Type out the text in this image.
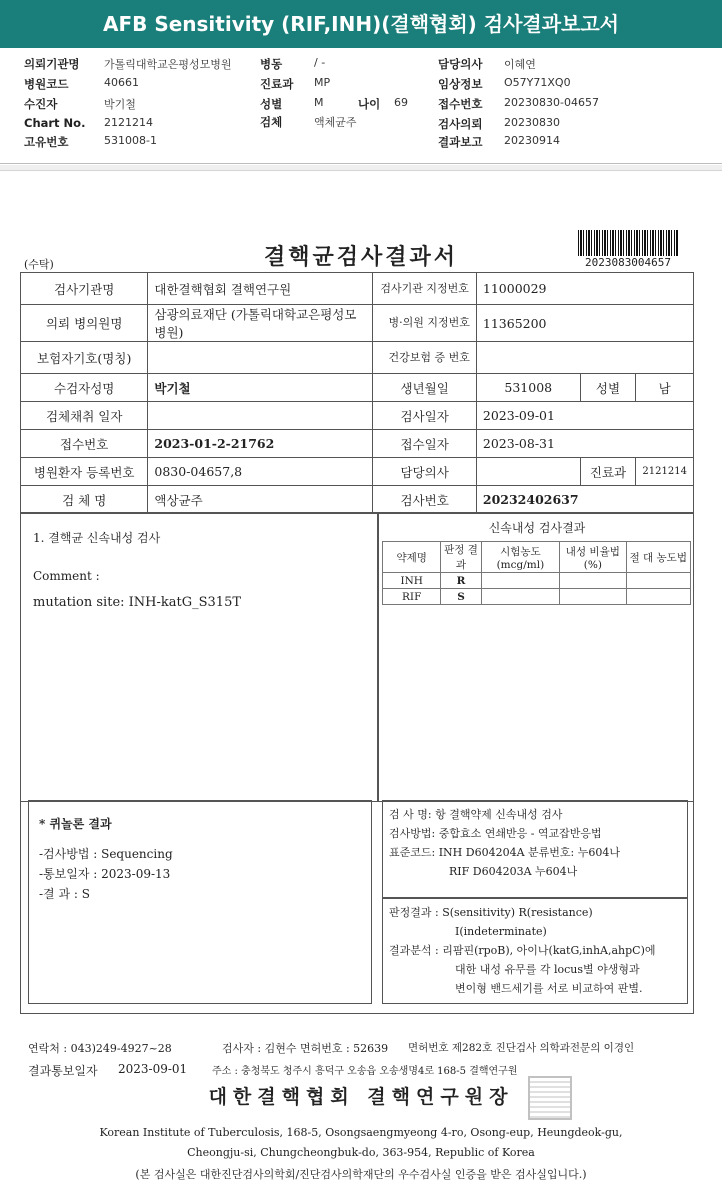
AFB Sensitivity (RIF,INH)(결핵협회) 검사결과보고서
의뢰기관명 가톨릭대학교은평성모병원 병동	/ -	담당의사 이혜연
병원코드	40661	진료과 MP	임상정보 O57Y71XQ0
수진자	박기철	성별	M	나이 69	접수번호 20230830-04657
Chart No. 2121214	검체	액체균주	검사의뢰 20230830
고유번호	531008-1	결과보고 20230914
(수탁)	결핵균검사결과서	2023083004657
검사기관명	대한결핵협회 결핵연구원	검사기관 지정번호	11000029		
의뢰 병의원명	삼광의료재단 (가톨릭대학교은평성모병원)	병·의원 지정번호	11365200		
보험자기호(명칭)		건강보험 증 번호			
수검자성명	박기철	생년월일	531008	성별	남
검체채취 일자		검사일자	2023-09-01		
접수번호	2023-01-2-21762	접수일자	2023-08-31		
병원환자 등록번호	0830-04657,8	담당의사		진료과	2121214
검 체 명	액상균주	검사번호	20232402637		
1. 결핵균 신속내성 검사
Comment :
mutation site: INH-katG_S315T
신속내성 검사결과
약제명	판정 결과	시험농도 (mcg/ml)	내성 비율법(%)	절 대 농도법
INH	R			
RIF	S			
* 퀴놀론 결과
-검사방법 : Sequencing
-통보일자 : 2023-09-13
-결 과 : S
검 사 명: 항 결핵약제 신속내성 검사
검사방법: 중합효소 연쇄반응 - 역교잡반응법
표준코드: INH D604204A 분류번호: 누604나
RIF D604203A 누604나
판정결과 : S(sensitivity) R(resistance)
I(indeterminate)
결과분석 : 리팜핀(rpoB), 아이나(katG,inhA,ahpC)에
대한 내성 유무를 각 locus별 야생형과
변이형 밴드세기를 서로 비교하여 판별.
연락처 : 043)249-4927~28	검사자 : 김현수 면허번호 : 52639 면허번호 제282호 진단검사 의학과전문의 이경인
결과통보일자 2023-09-01 주소 : 충청북도 청주시 흥덕구 오송읍 오송생명4로 168-5 결핵연구원
대한결핵협회 결핵연구원장
Korean Institute of Tuberculosis, 168-5, Osongsaengmyeong 4-ro, Osong-eup, Heungdeok-gu,
Cheongju-si, Chungcheongbuk-do, 363-954, Republic of Korea
(본 검사실은 대한진단검사의학회/진단검사의학재단의 우수검사실 인증을 받은 검사실입니다.)
